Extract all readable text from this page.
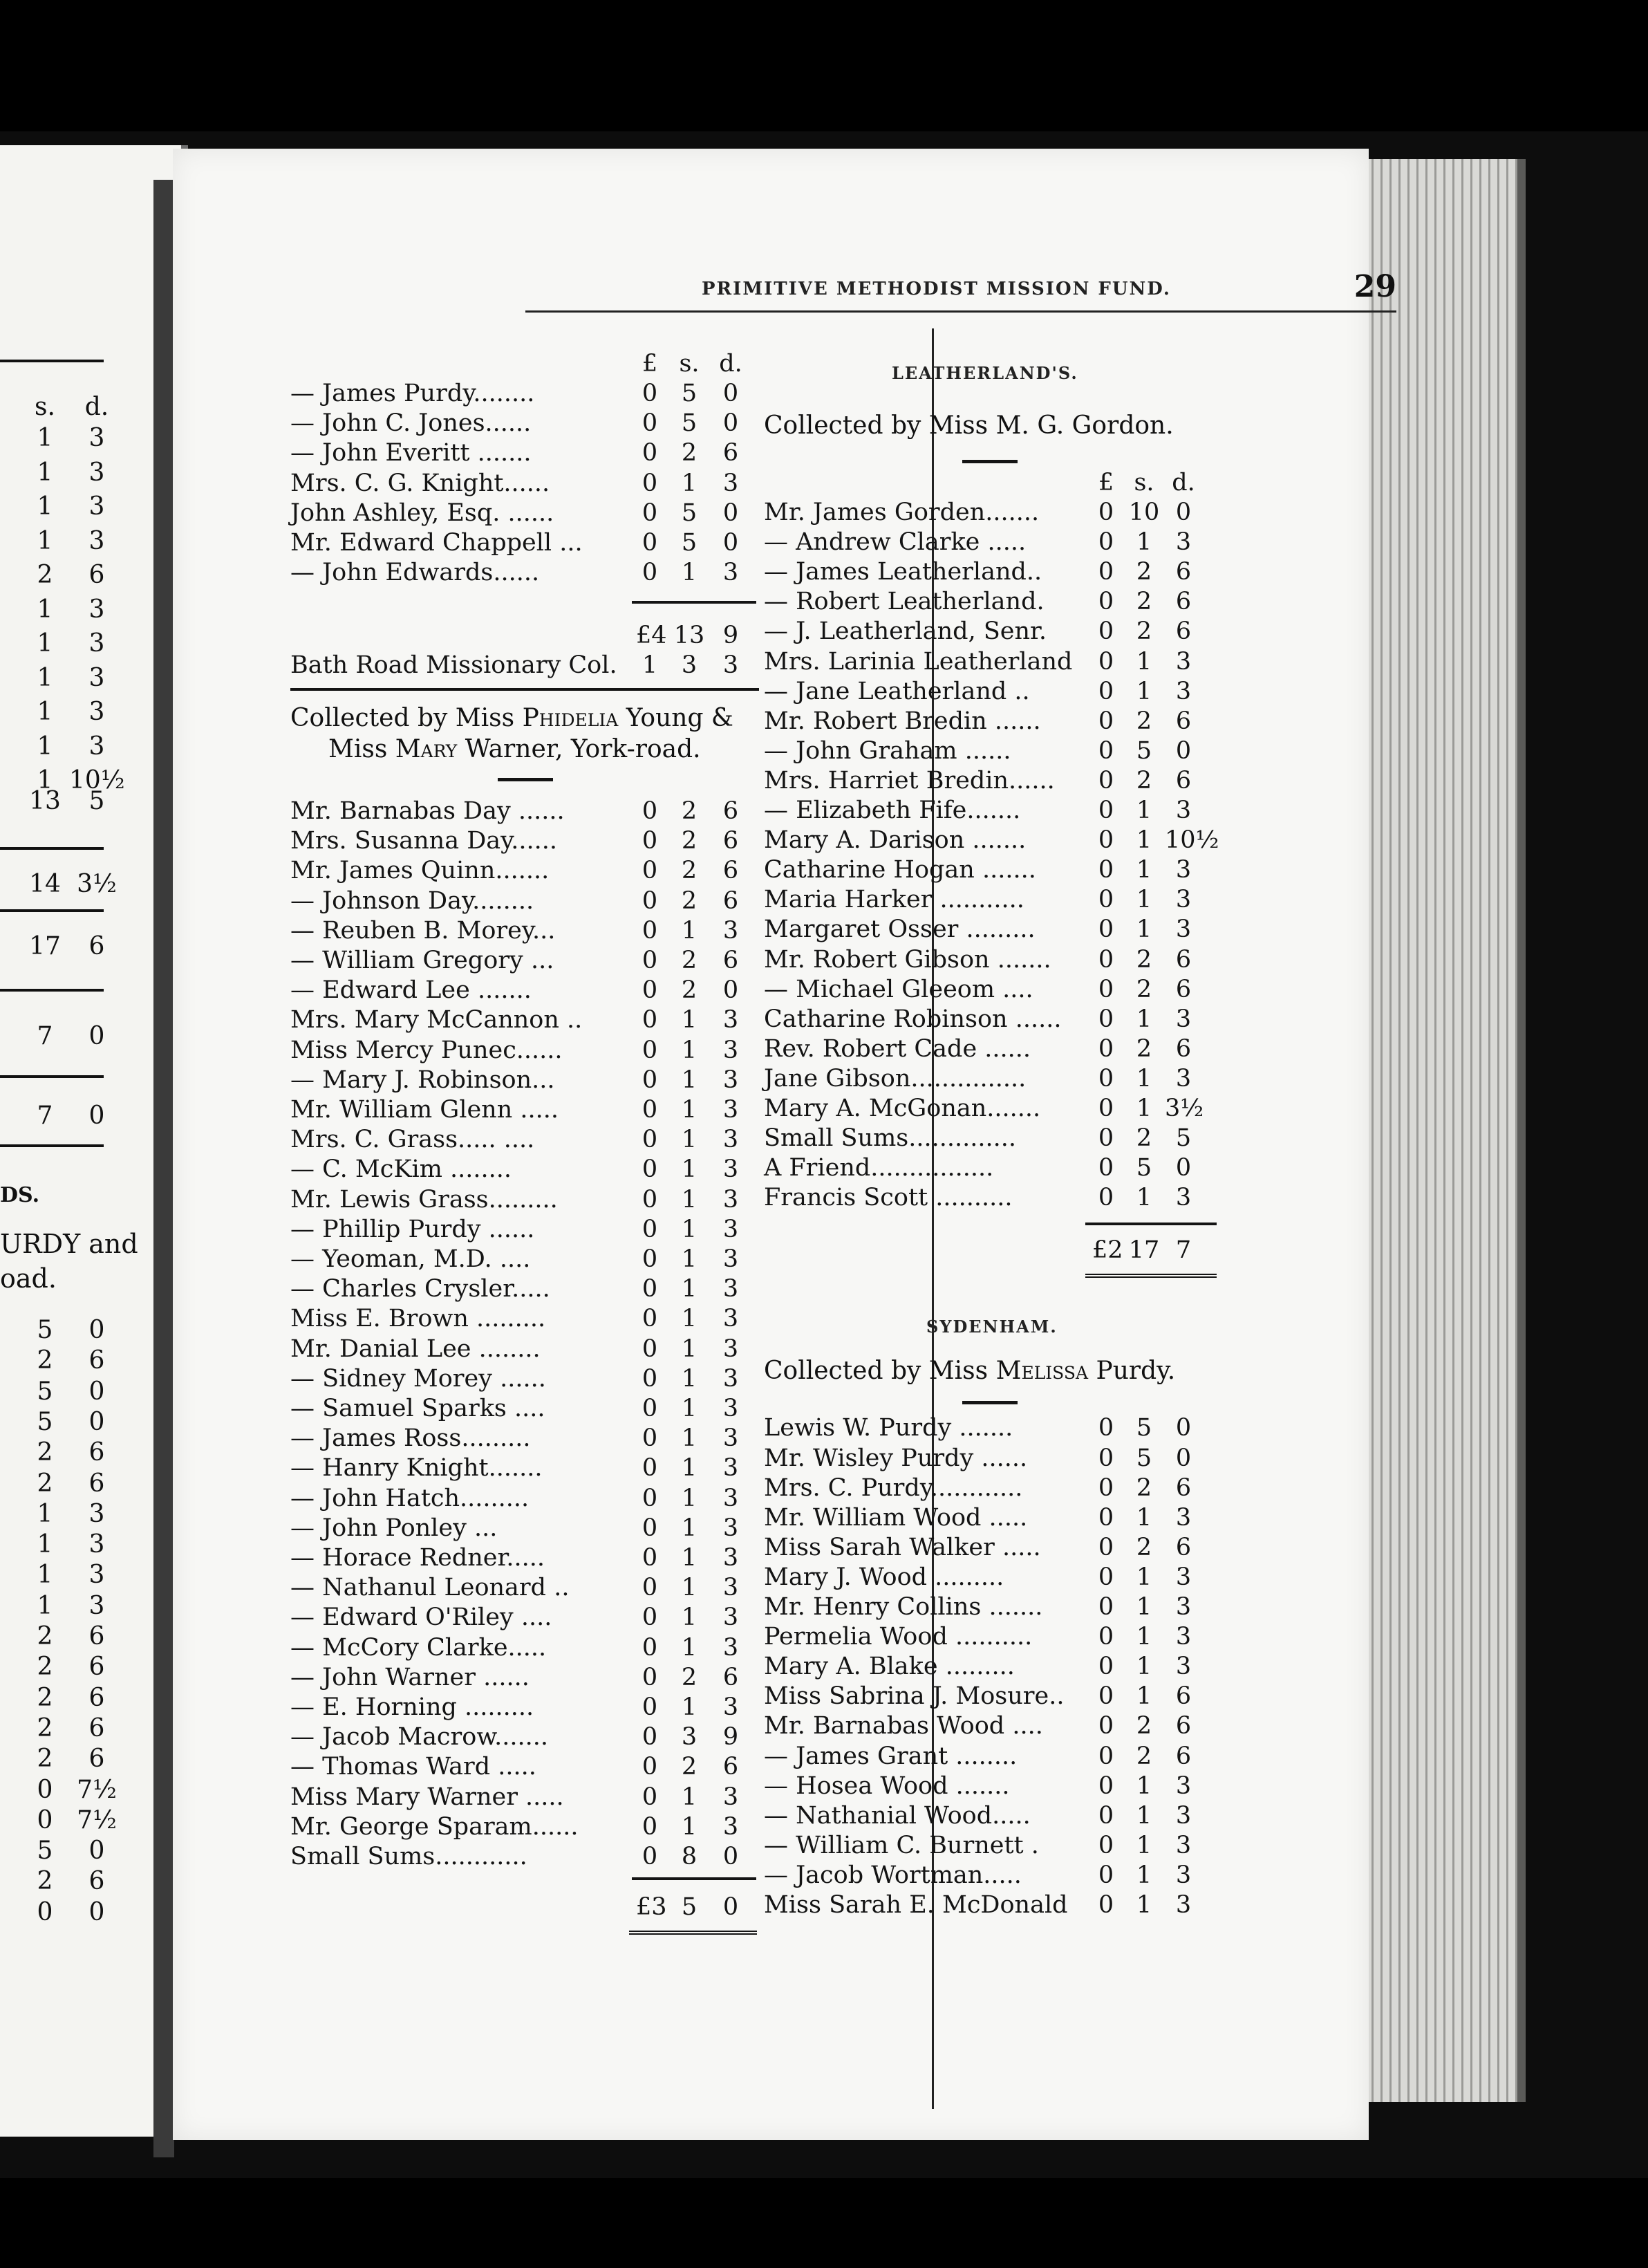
s.	d.
1	3
1	3
1	3
1	3
2	6
1	3
1	3
1	3
1	3
1	3
1 10½
13	5
14 3½
17	6
7	0
7	0
DS.
URDY and
oad.
5	0
2	6
5	0
5	0
2	6
2	6
1	3
1	3
1	3
1	3
2	6
2	6
2	6
2	6
2	6
0 7½
0 7½
5	0
2	6
0	0
PRIMITIVE METHODIST MISSION FUND.	29
£ s. d.
— James Purdy........	0 5	0
— John C. Jones......	0 5	0
— John Everitt .......	0 2	6
Mrs. C. G. Knight......	0 1	3
John Ashley, Esq. ......	0 5	0
Mr. Edward Chappell ... 0 5	0
— John Edwards......	0 1	3
£4 13 9
Bath Road Missionary Col. 1 3	3
Collected by Miss Phidelia Young &
Miss Mary Warner, York-road.
Mr. Barnabas Day ......	0 2	6
Mrs. Susanna Day......	0 2	6
Mr. James Quinn.......	0 2	6
— Johnson Day........	0 2	6
— Reuben B. Morey...	0 1	3
— William Gregory ...	0 2	6
— Edward Lee .......	0 2	0
Mrs. Mary McCannon .. 0 1	3
Miss Mercy Punec......	0 1	3
— Mary J. Robinson...	0 1	3
Mr. William Glenn .....	0 1	3
Mrs. C. Grass..... ....	0 1	3
— C. McKim ........	0 1	3
Mr. Lewis Grass.........	0 1	3
— Phillip Purdy ......	0 1	3
— Yeoman, M.D. ....	0 1	3
— Charles Crysler.....	0 1	3
Miss E. Brown .........	0 1	3
Mr. Danial Lee ........	0 1	3
— Sidney Morey ......	0 1	3
— Samuel Sparks ....	0 1	3
— James Ross.........	0 1	3
— Hanry Knight.......	0 1	3
— John Hatch.........	0 1	3
— John Ponley ...	0 1	3
— Horace Redner.....	0 1	3
— Nathanul Leonard ..	0 1	3
— Edward O'Riley ....	0 1	3
— McCory Clarke.....	0 1	3
— John Warner ......	0 2	6
— E. Horning .........	0 1	3
— Jacob Macrow.......	0 3	9
— Thomas Ward .....	0 2	6
Miss Mary Warner .....	0 1	3
Mr. George Sparam......	0 1	3
Small Sums............	0 8	0
£3 5	0
LEATHERLAND'S.
Collected by Miss M. G. Gordon.
£ s. d.
Mr. James Gorden....... 0 10 0
— Andrew Clarke .....	0 1 3
— James Leatherland.. 0 2 6
— Robert Leatherland. 0 2 6
— J. Leatherland, Senr. 0 2 6
Mrs. Larinia Leatherland 0 1 3
— Jane Leatherland ..	0 1 3
Mr. Robert Bredin ...... 0 2 6
— John Graham ......	0 5 0
Mrs. Harriet Bredin...... 0 2 6
— Elizabeth Fife.......	0 1 3
Mary A. Darison .......	0 1 10½
Catharine Hogan .......	0 1 3
Maria Harker ...........	0 1 3
Margaret Osser .........	0 1 3
Mr. Robert Gibson ....... 0 2 6
— Michael Gleeom ....	0 2 6
Catharine Robinson ...... 0 1 3
Rev. Robert Cade ......	0 2 6
Jane Gibson...............	0 1 3
Mary A. McGonan....... 0 1 3½
Small Sums..............	0 2 5
A Friend................	0 5 0
Francis Scott ..........	0 1 3
£2 17 7
SYDENHAM.
Collected by Miss Melissa Purdy.
Lewis W. Purdy .......	0 5 0
Mr. Wisley Purdy ......	0 5 0
Mrs. C. Purdy............	0 2 6
Mr. William Wood .....	0 1 3
Miss Sarah Walker ..... 0 2 6
Mary J. Wood .........	0 1 3
Mr. Henry Collins ....... 0 1 3
Permelia Wood ..........	0 1 3
Mary A. Blake .........	0 1 3
Miss Sabrina J. Mosure.. 0 1 6
Mr. Barnabas Wood .... 0 2 6
— James Grant ........	0 2 6
— Hosea Wood .......	0 1 3
— Nathanial Wood.....	0 1 3
— William C. Burnett . 0 1 3
— Jacob Wortman.....	0 1 3
Miss Sarah E. McDonald 0 1 3
